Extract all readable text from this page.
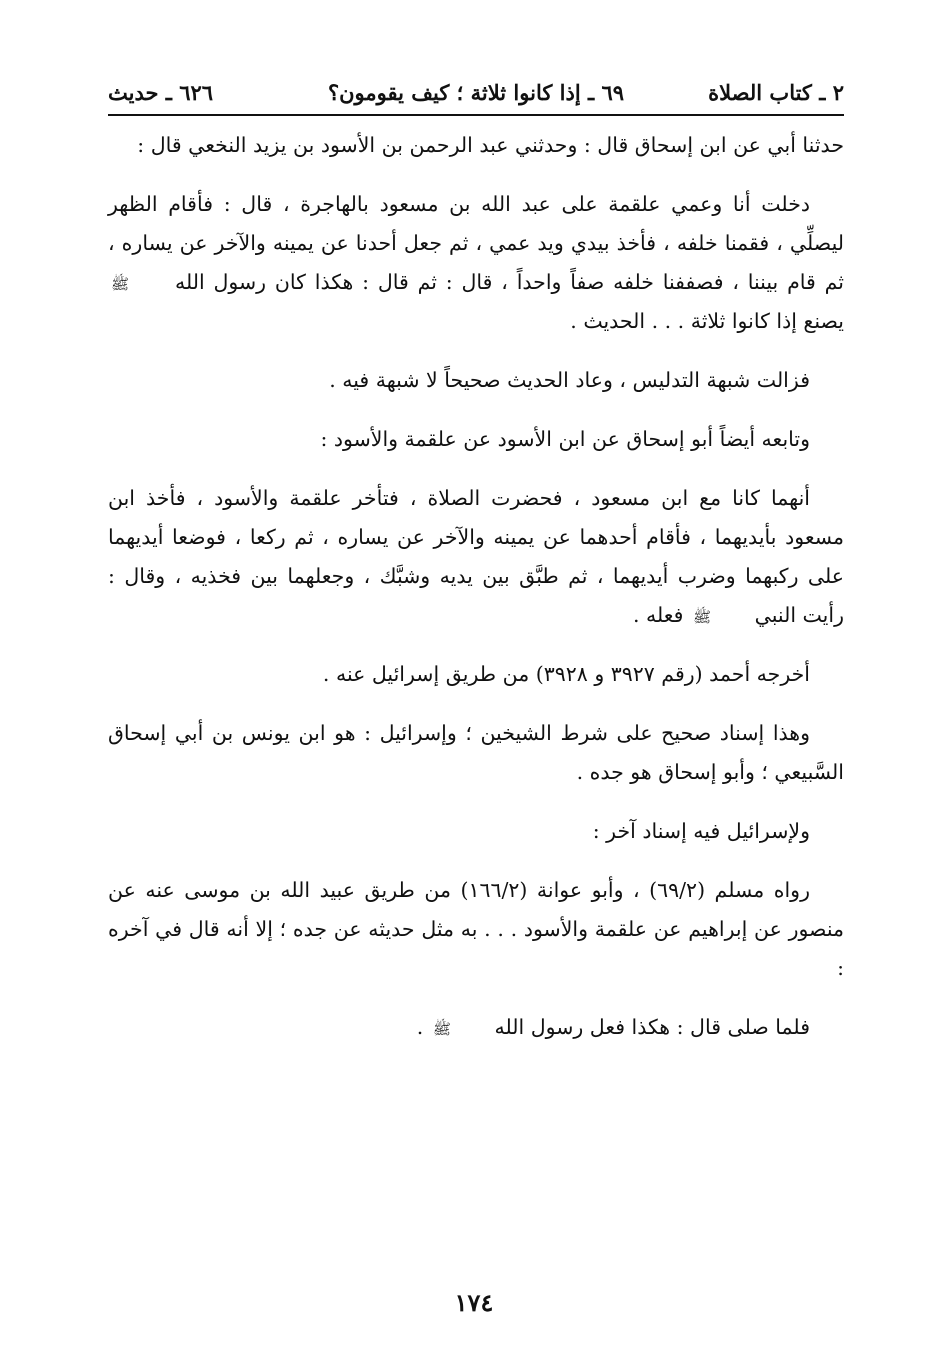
٢ ـ كتاب الصلاة
٦٩ ـ إذا كانوا ثلاثة ؛ كيف يقومون؟
٦٢٦ ـ حديث

حدثنا أبي عن ابن إسحاق قال : وحدثني عبد الرحمن بن الأسود بن يزيد النخعي قال :

دخلت أنا وعمي علقمة على عبد الله بن مسعود بالهاجرة ، قال : فأقام الظهر ليصلِّي ، فقمنا خلفه ، فأخذ بيدي ويد عمي ، ثم جعل أحدنا عن يمينه والآخر عن يساره ، ثم قام بيننا ، فصففنا خلفه صفاً واحداً ، قال : ثم قال : هكذا كان رسول الله ﷺ يصنع إذا كانوا ثلاثة . . . الحديث .

فزالت شبهة التدليس ، وعاد الحديث صحيحاً لا شبهة فيه .

وتابعه أيضاً أبو إسحاق عن ابن الأسود عن علقمة والأسود :

أنهما كانا مع ابن مسعود ، فحضرت الصلاة ، فتأخر علقمة والأسود ، فأخذ ابن مسعود بأيديهما ، فأقام أحدهما عن يمينه والآخر عن يساره ، ثم ركعا ، فوضعا أيديهما على ركبهما وضرب أيديهما ، ثم طبَّق بين يديه وشبَّك ، وجعلهما بين فخذيه ، وقال : رأيت النبي ﷺ فعله .

أخرجه أحمد (رقم ٣٩٢٧ و ٣٩٢٨) من طريق إسرائيل عنه .

وهذا إسناد صحيح على شرط الشيخين ؛ وإسرائيل : هو ابن يونس بن أبي إسحاق السَّبيعي ؛ وأبو إسحاق هو جده .

ولإسرائيل فيه إسناد آخر :

رواه مسلم (٦٩/٢) ، وأبو عوانة (١٦٦/٢) من طريق عبيد الله بن موسى عنه عن منصور عن إبراهيم عن علقمة والأسود . . . به مثل حديثه عن جده ؛ إلا أنه قال في آخره :

فلما صلى قال : هكذا فعل رسول الله ﷺ .

١٧٤
